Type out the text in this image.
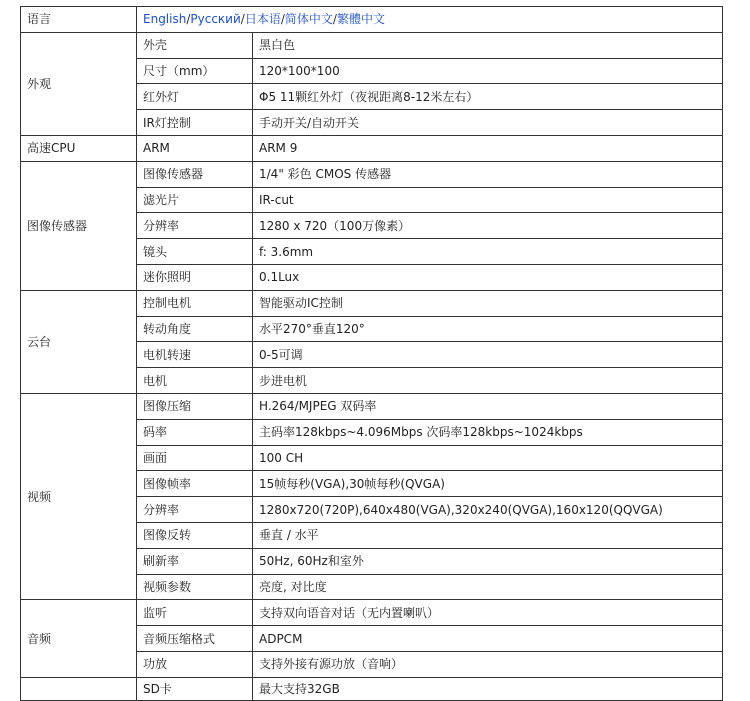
语言	English/Pусский/日本语/简体中文/繁體中文	
外观	外壳	黑白色
	尺寸（mm）	120*100*100
	红外灯	Φ5 11颗红外灯（夜视距离8-12米左右）
	IR灯控制	手动开关/自动开关
高速CPU	ARM	ARM 9
图像传感器	图像传感器	1/4" 彩色 CMOS 传感器
	滤光片	IR-cut
	分辨率	1280 x 720（100万像素）
	镜头	f: 3.6mm
	迷你照明	0.1Lux
云台	控制电机	智能驱动IC控制
	转动角度	水平270°垂直120°
	电机转速	0-5可调
	电机	步进电机
视频	图像压缩	H.264/MJPEG 双码率
	码率	主码率128kbps~4.096Mbps 次码率128kbps~1024kbps
	画面	100 CH
	图像帧率	15帧每秒(VGA),30帧每秒(QVGA)
	分辨率	1280x720(720P),640x480(VGA),320x240(QVGA),160x120(QQVGA)
	图像反转	垂直 / 水平
	刷新率	50Hz, 60Hz和室外
	视频参数	亮度, 对比度
音频	监听	支持双向语音对话（无内置喇叭）
	音频压缩格式	ADPCM
	功放	支持外接有源功放（音响）
	SD卡	最大支持32GB
